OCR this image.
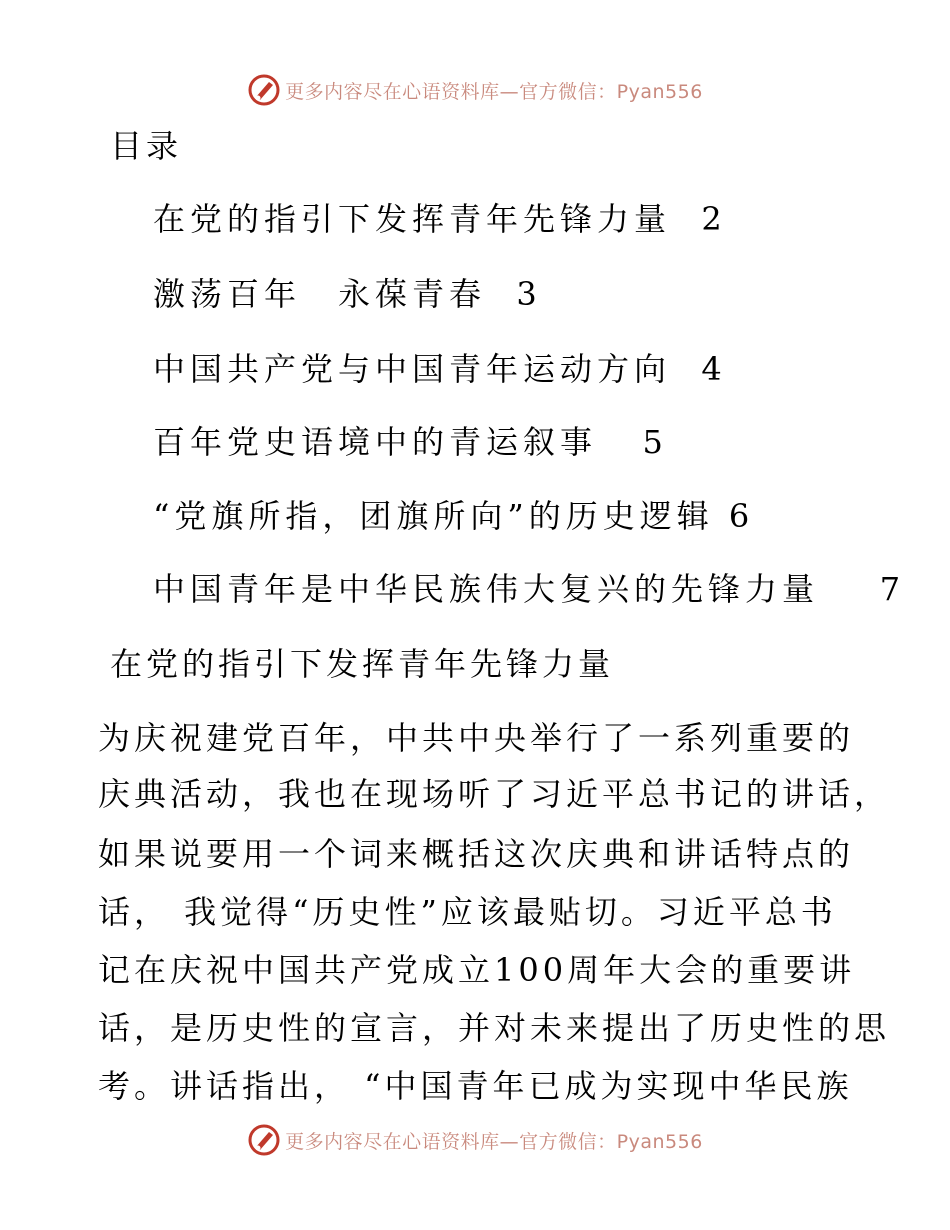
更多内容尽在心语资料库—官方微信：Pyan556
目录
在党的指引下发挥青年先锋力量 2
激荡百年　永葆青春 3
中国共产党与中国青年运动方向 4
百年党史语境中的青运叙事 5
“党旗所指，团旗所向”的历史逻辑 6
中国青年是中华民族伟大复兴的先锋力量 7
在党的指引下发挥青年先锋力量
为庆祝建党百年，中共中央举行了一系列重要的
庆典活动，我也在现场听了习近平总书记的讲话，
如果说要用一个词来概括这次庆典和讲话特点的
话， 我觉得“历史性”应该最贴切。习近平总书
记在庆祝中国共产党成立100周年大会的重要讲
话，是历史性的宣言，并对未来提出了历史性的思
考。讲话指出， “中国青年已成为实现中华民族
更多内容尽在心语资料库—官方微信：Pyan556
